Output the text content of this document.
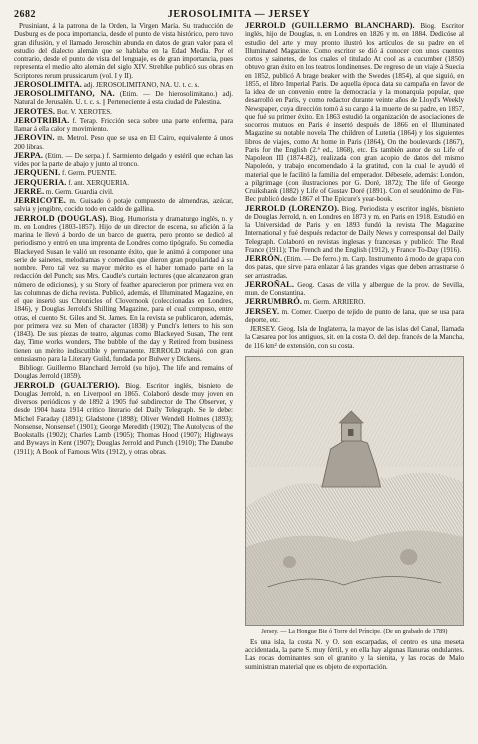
2682	JEROSOLIMITA — JERSEY

Prusiniant, á la patrona de la Orden, la Virgen María. Su traducción de Dusburg es de poca importancia, desde el punto de vista histórico, pero tuvo gran difusión, y el llamado Jeroschin abunda en datos de gran valor para el estudio del dialecto alemán que se hablaba en la Edad Media. Por el contrario, desde el punto de vista del lenguaje, es de gran importancia, pues representa el medio alto alemán del siglo XIV. Strehlke publicó sus obras en Scriptores rerum prussicarum (vol. I y II).

JEROSOLIMITA. adj. JEROSOLIMITANO, NA. U. t. c. s.

JEROSOLIMITANO, NA. (Etim. — De hierosolimitano.) adj. Natural de Jerusalén. U. t. c. s. || Perteneciente á esta ciudad de Palestina.

JEROTES. Bot. V. XEROTES.

JEROTRIBIA. f. Terap. Fricción seca sobre una parte enferma, para llamar á ella calor y movimiento.

JEROVIN. m. Metrol. Peso que se usa en El Cairo, equivalente á unos 200 libras.

JERPA. (Etim. — De serpa.) f. Sarmiento delgado y estéril que echan las vides por la parte de abajo y junto al tronco.

JERQUENI. f. Germ. PUENTE.

JERQUERIA. f. ant. XERQUERIA.

JERRE. m. Germ. Guardia civil.

JERRICOTE. m. Guisado ó potaje compuesto de almendras, azúcar, salvia y jengibre, cocido todo en caldo de gallina.

JERROLD (DOUGLAS). Biog. Humorista y dramaturgo inglés, n. y m. en Londres (1803-1857). Hijo de un director de escena, su afición á la marina le llevó á bordo de un barco de guerra, pero pronto se dedicó al periodismo y entró en una imprenta de Londres como tipógrafo. Su comedia Blackeyed Susan le valió un resonante éxito, que le animó á componer una serie de sainetes, melodramas y comedias que dieron gran popularidad á su nombre. Pero tal vez su mayor mérito es el haber tomado parte en la redacción del Punch; sus Mrs. Caudle's curtain lectures (que alcanzaron gran número de ediciones), y su Story of feather aparecieron por primera vez en las columnas de dicha revista. Publicó, además, el Illuminated Magazine, en el que insertó sus Chronicles of Clovernook (coleccionadas en Londres, 1846), y Douglas Jerrold's Shilling Magazine, para el cual compuso, entre otras, el cuento St. Giles and St. James. En la revista se publicaron, además, por primera vez su Men of character (1838) y Punch's letters to his son (1843). De sus piezas de teatro, algunas como Blackeyed Susan, The rent day, Time works wonders, The bubble of the day y Retired from business tienen un mérito indiscutible y permanente. JERROLD trabajó con gran entusiasmo para la Literary Guild, fundada por Bulwer y Dickens.

Bibliogr. Guillermo Blanchard Jerrold (su hijo), The life and remains of Douglas Jerrold (1859).

JERROLD (GUALTERIO). Biog. Escritor inglés, bisnieto de Douglas Jerrold, n. en Liverpool en 1865. Colaboró desde muy joven en diversos periódicos y de 1892 á 1905 fué subdirector de The Observer, y desde 1904 hasta 1914 crítico literario del Daily Telegraph. Se le debe: Michel Faraday (1891); Gladstone (1898); Oliver Wendell Holmes (1893); Nonsense, Nonsense! (1901); George Meredith (1902); The Autolycus of the Bookstalls (1902); Charles Lamb (1905); Thomas Hood (1907); Highways and Byways in Kent (1907); Douglas Jerrold and Punch (1910); The Danube (1911); A Book of Famous Wits (1912), y otras obras.

JERROLD (GUILLERMO BLANCHARD). Biog. Escritor inglés, hijo de Douglas, n. en Londres en 1826 y m. en 1884. Dedicóse al estudio del arte y muy pronto ilustró los artículos de su padre en el Illuminated Magazine. Como escritor se dió á conocer con unos cuentos cortos y sainetes, de los cuales el titulado At cool as a cucumber (1850) obtuvo gran éxito en los teatros londinenses. De regreso de un viaje á Suecia en 1852, publicó A brage beaker with the Swedes (1854), al que siguió, en 1855, el libro Imperial Paris. De aquella época data su campaña en favor de la idea de un convenio entre la democracia y la monarquía popular, que desarrolló en Paris, y como redactor durante veinte años de Lloyd's Weekly Newspaper, cuya dirección tomó á su cargo á la muerte de su padre, en 1857, que fué su primer éxito. En 1863 estudió la organización de asociaciones de socorros mutuos en Paris é insertó después de 1866 en el Illuminated Magazine su notable novela The children of Lutetia (1864) y los siguientes libros de viajes, como At home in Paris (1864), On the boulevards (1867), Paris for the English (2.ª ed., 1868), etc. Es también autor de su Life of Napoleon III (1874-82), realizada con gran acopio de datos del mismo Napoleón, y trabajo encomendado á la gratitud, con la cual le ayudó el material que le facilitó la familia del emperador. Débesele, además: London, a pilgrimage (con ilustraciones por G. Doré, 1872); The life of George Cruikshank (1882) y Life of Gustav Doré (1891). Con el seudónimo de Fin-Bec publicó desde 1867 el The Epicure's year-book.

JERROLD (LORENZO). Biog. Periodista y escritor inglés, bisnieto de Douglas Jerrold, n. en Londres en 1873 y m. en Paris en 1918. Estudió en la Universidad de Paris y en 1893 fundó la revista The Magazine International y fué después redactor de Daily News y corresponsal del Daily Telegraph. Colaboró en revistas inglesas y francesas y publicó: The Real France (1911); The French and the English (1912), y France To-Day (1916).

JERRÓN. (Etim. — De ferro.) m. Carp. Instrumento á modo de grapa con dos patas, que sirve para enlazar á las grandes vigas que deben arrastrarse ó ser arrastradas.

JERROÑAL. Geog. Casas de villa y albergue de la prov. de Sevilla, mun. de Constantina.

JERRUMBRÓ. m. Germ. ARRIERO.

JERSEY. m. Comer. Cuerpo de tejido de punto de lana, que se usa para deporte, etc.

JERSEY. Geog. Isla de Inglaterra, la mayor de las islas del Canal, llamada la Cæsarea por los antiguos, sit. en la costa O. del dep. francés de la Mancha, de 116 km² de extensión, con su costa.

Jersey. — La Hongue Bie ó Torre del Príncipe. (De un grabado de 1789)

Es una isla, la costa N. y O. son escarpadas, el centro es una meseta accidentada, la parte S. muy fértil, y en ella hay algunas llanuras ondulantes. Las rocas dominantes son el granito y la sienita, y las rocas de Malo suministran material que es objeto de exportación.
